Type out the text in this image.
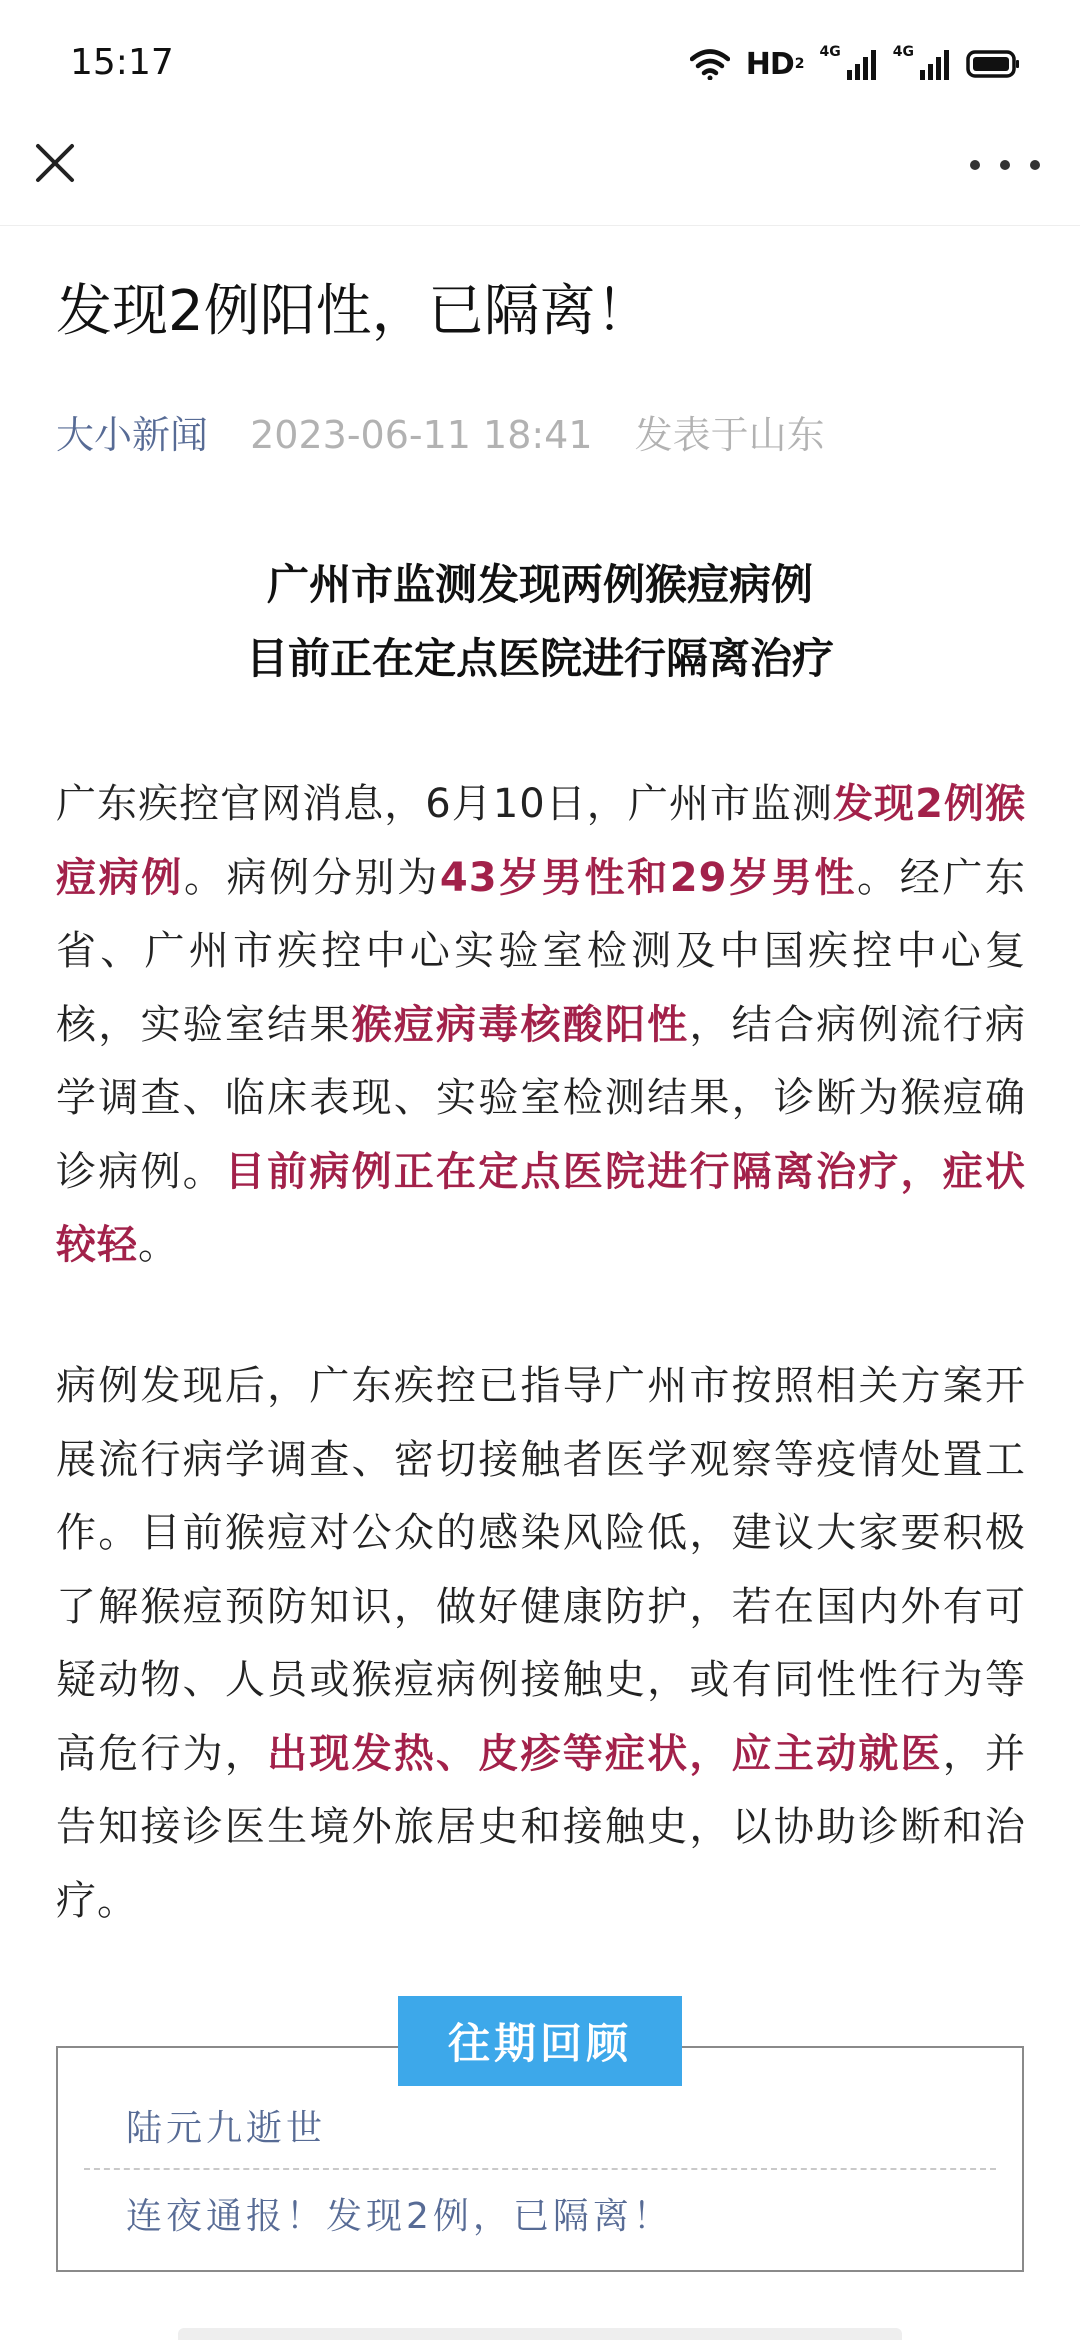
15:17	HD 2
4G	4G
发现2例阳性，已隔离！
大小新闻 2023-06-11 18:41 发表于山东
广州市监测发现两例猴痘病例
目前正在定点医院进行隔离治疗
广东疾控官网消息，6月10日，广州市监测发现2例猴痘病例。病例分别为43岁男性和29岁男性。经广东省、广州市疾控中心实验室检测及中国疾控中心复核，实验室结果猴痘病毒核酸阳性，结合病例流行病学调查、临床表现、实验室检测结果，诊断为猴痘确诊病例。目前病例正在定点医院进行隔离治疗，症状较轻。
病例发现后，广东疾控已指导广州市按照相关方案开展流行病学调查、密切接触者医学观察等疫情处置工作。目前猴痘对公众的感染风险低，建议大家要积极了解猴痘预防知识，做好健康防护，若在国内外有可疑动物、人员或猴痘病例接触史，或有同性性行为等高危行为，出现发热、皮疹等症状，应主动就医，并告知接诊医生境外旅居史和接触史，以协助诊断和治疗。
往期回顾
陆元九逝世
连夜通报！发现2例，已隔离！
